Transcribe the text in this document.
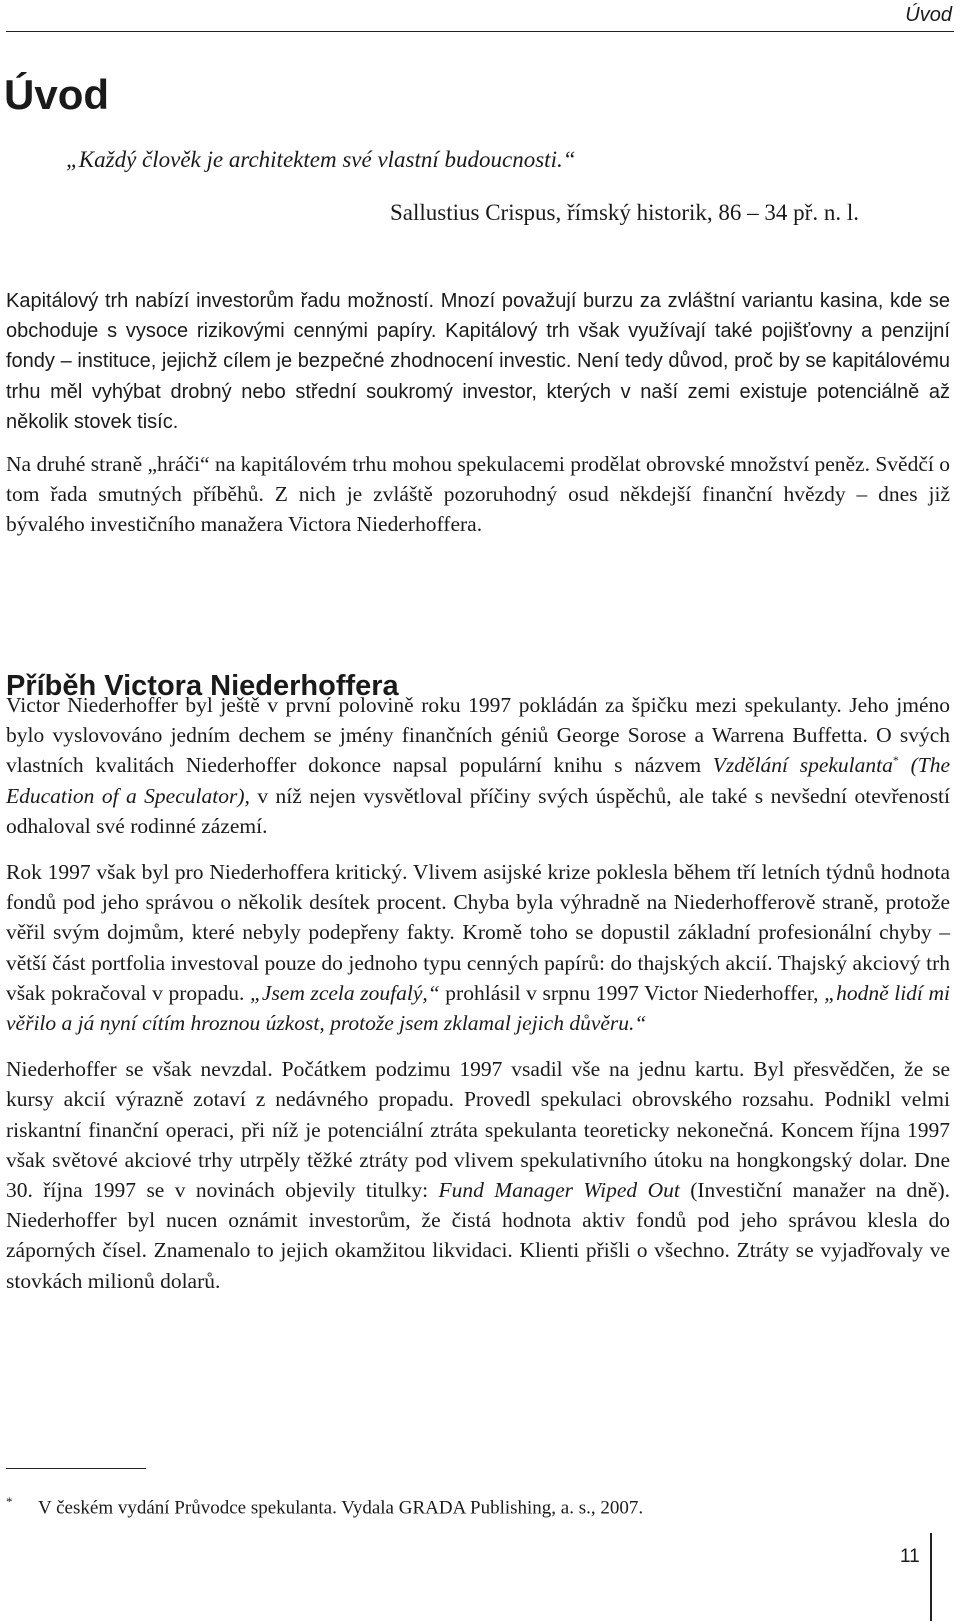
Úvod
Úvod

„Každý člověk je architektem své vlastní budoucnosti.“

Sallustius Crispus, římský historik, 86 – 34 př. n. l.

Kapitálový trh nabízí investorům řadu možností. Mnozí považují burzu za zvláštní variantu kasina, kde se obchoduje s vysoce rizikovými cennými papíry. Kapitálový trh však využívají také pojišťovny a penzijní fondy – instituce, jejichž cílem je bezpečné zhodnocení investic. Není tedy důvod, proč by se kapitálovému trhu měl vyhýbat drobný nebo střední soukromý investor, kterých v naší zemi existuje potenciálně až několik stovek tisíc.

Na druhé straně „hráči“ na kapitálovém trhu mohou spekulacemi prodělat obrovské množství peněz. Svědčí o tom řada smutných příběhů. Z nich je zvláště pozoruhodný osud někdejší finanční hvězdy – dnes již bývalého investičního manažera Victora Niederhoffera.

Příběh Victora Niederhoffera

Victor Niederhoffer byl ještě v první polovině roku 1997 pokládán za špičku mezi spekulanty. Jeho jméno bylo vyslovováno jedním dechem se jmény finančních géniů George Sorose a Warrena Buffetta. O svých vlastních kvalitách Niederhoffer dokonce napsal populární knihu s názvem Vzdělání spekulanta* (The Education of a Speculator), v níž nejen vysvětloval příčiny svých úspěchů, ale také s nevšední otevřeností odhaloval své rodinné zázemí.

Rok 1997 však byl pro Niederhoffera kritický. Vlivem asijské krize poklesla během tří letních týdnů hodnota fondů pod jeho správou o několik desítek procent. Chyba byla výhradně na Niederhofferově straně, protože věřil svým dojmům, které nebyly podepřeny fakty. Kromě toho se dopustil základní profesionální chyby – větší část portfolia investoval pouze do jednoho typu cenných papírů: do thajských akcií. Thajský akciový trh však pokračoval v propadu. „Jsem zcela zoufalý,“ prohlásil v srpnu 1997 Victor Niederhoffer, „hodně lidí mi věřilo a já nyní cítím hroznou úzkost, protože jsem zklamal jejich důvěru.“

Niederhoffer se však nevzdal. Počátkem podzimu 1997 vsadil vše na jednu kartu. Byl přesvědčen, že se kursy akcií výrazně zotaví z nedávného propadu. Provedl spekulaci obrovského rozsahu. Podnikl velmi riskantní finanční operaci, při níž je potenciální ztráta spekulanta teoreticky nekonečná. Koncem října 1997 však světové akciové trhy utrpěly těžké ztráty pod vlivem spekulativního útoku na hongkongský dolar. Dne 30. října 1997 se v novinách objevily titulky: Fund Manager Wiped Out (Investiční manažer na dně). Niederhoffer byl nucen oznámit investorům, že čistá hodnota aktiv fondů pod jeho správou klesla do záporných čísel. Znamenalo to jejich okamžitou likvidaci. Klienti přišli o všechno. Ztráty se vyjadřovaly ve stovkách milionů dolarů.

* V českém vydání Průvodce spekulanta. Vydala GRADA Publishing, a. s., 2007.

11
